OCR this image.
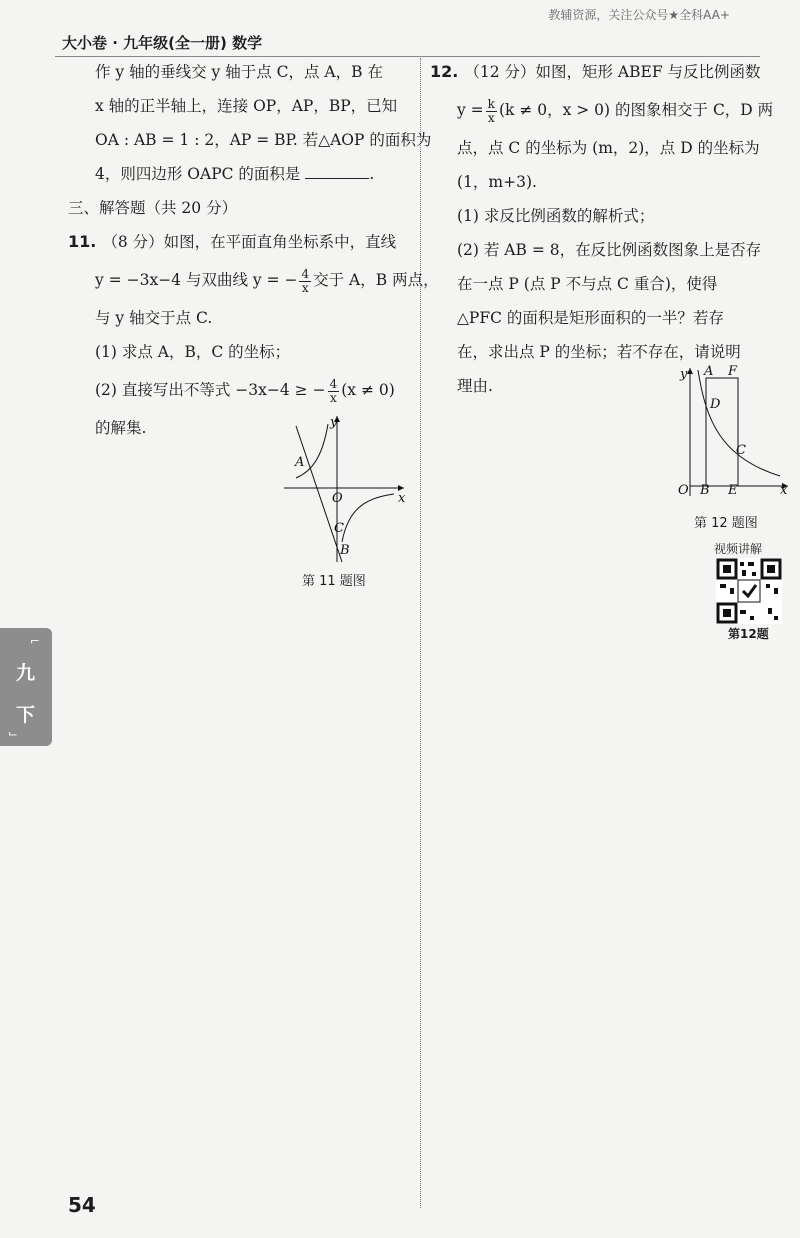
大小卷 · 九年级(全一册) 数学
教辅资源，关注公众号★全科AA+
作 y 轴的垂线交 y 轴于点 C，点 A，B 在
x 轴的正半轴上，连接 OP，AP，BP，已知
OA : AB = 1 : 2，AP = BP. 若△AOP 的面积为
4，则四边形 OAPC 的面积是	.
三、解答题（共 20 分）
11. （8 分）如图，在平面直角坐标系中，直线
y = −3x−4 与双曲线 y = − $\frac{4}{x}$ 交于 A，B 两点，
与 y 轴交于点 C.
(1) 求点 A，B，C 的坐标；
(2) 直接写出不等式 −3x−4 ≥ − $\frac{4}{x} (x \ne 0)$
的解集.	y
x
A
O
C
B
第 11 题图
12. （12 分）如图，矩形 ABEF 与反比例函数
$y = \frac{k}{x} (k \ne 0$，x > 0) 的图象相交于 C，D 两
点，点 C 的坐标为 (m，2)，点 D 的坐标为
(1，m+3).
(1) 求反比例函数的解析式；
(2) 若 AB = 8，在反比例函数图象上是否存
在一点 P (点 P 不与点 C 重合)，使得
△PFC 的面积是矩形面积的一半？若存
在，求出点 P 的坐标；若不存在，请说明
理由.
y A F
D
C
O B E	x
第 12 题图
视频讲解
第12题
⌐
九
下
⌙
54
